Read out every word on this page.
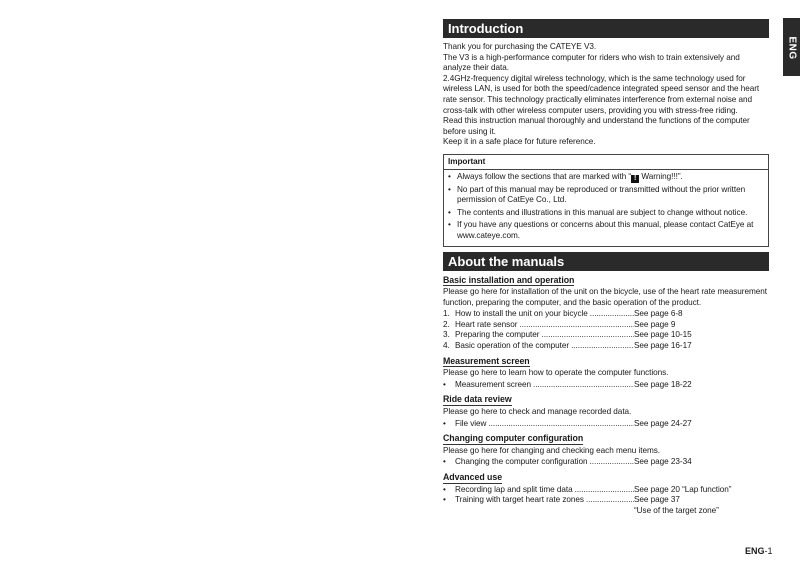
ENG
Introduction

Thank you for purchasing the CATEYE V3.

The V3 is a high-performance computer for riders who wish to train extensively and analyze their data.

2.4GHz-frequency digital wireless technology, which is the same technology used for wireless LAN, is used for both the speed/cadence integrated speed sensor and the heart rate sensor. This technology practically eliminates interference from external noise and cross-talk with other wireless computer users, providing you with stress-free riding.

Read this instruction manual thoroughly and understand the functions of the computer before using it.

Keep it in a safe place for future reference.

Important
• Always follow the sections that are marked with “ ! Warning!!!”.
• No part of this manual may be reproduced or transmitted without the prior written permission of CatEye Co., Ltd.
• The contents and illustrations in this manual are subject to change without notice.
• If you have any questions or concerns about this manual, please contact CatEye at www.cateye.com.
About the manuals
Basic installation and operation
Please go here for installation of the unit on the bicycle, use of the heart rate measurement function, preparing the computer, and the basic operation of the product.
1. How to install the unit on your bicycle .....	See page 6-8
2. Heart rate sensor .....	See page 9
3. Preparing the computer .....	See page 10-15
4. Basic operation of the computer .....	See page 16-17
Measurement screen
Please go here to learn how to operate the computer functions.
•	Measurement screen .....	See page 18-22
Ride data review
Please go here to check and manage recorded data.
•	File view .....	See page 24-27
Changing computer configuration
Please go here for changing and checking each menu items.
•	Changing the computer configuration .....	See page 23-34
Advanced use
•	Recording lap and split time data .....	See page 20 “Lap function”
•	Training with target heart rate zones .....	See page 37
“Use of the target zone”
ENG-1
